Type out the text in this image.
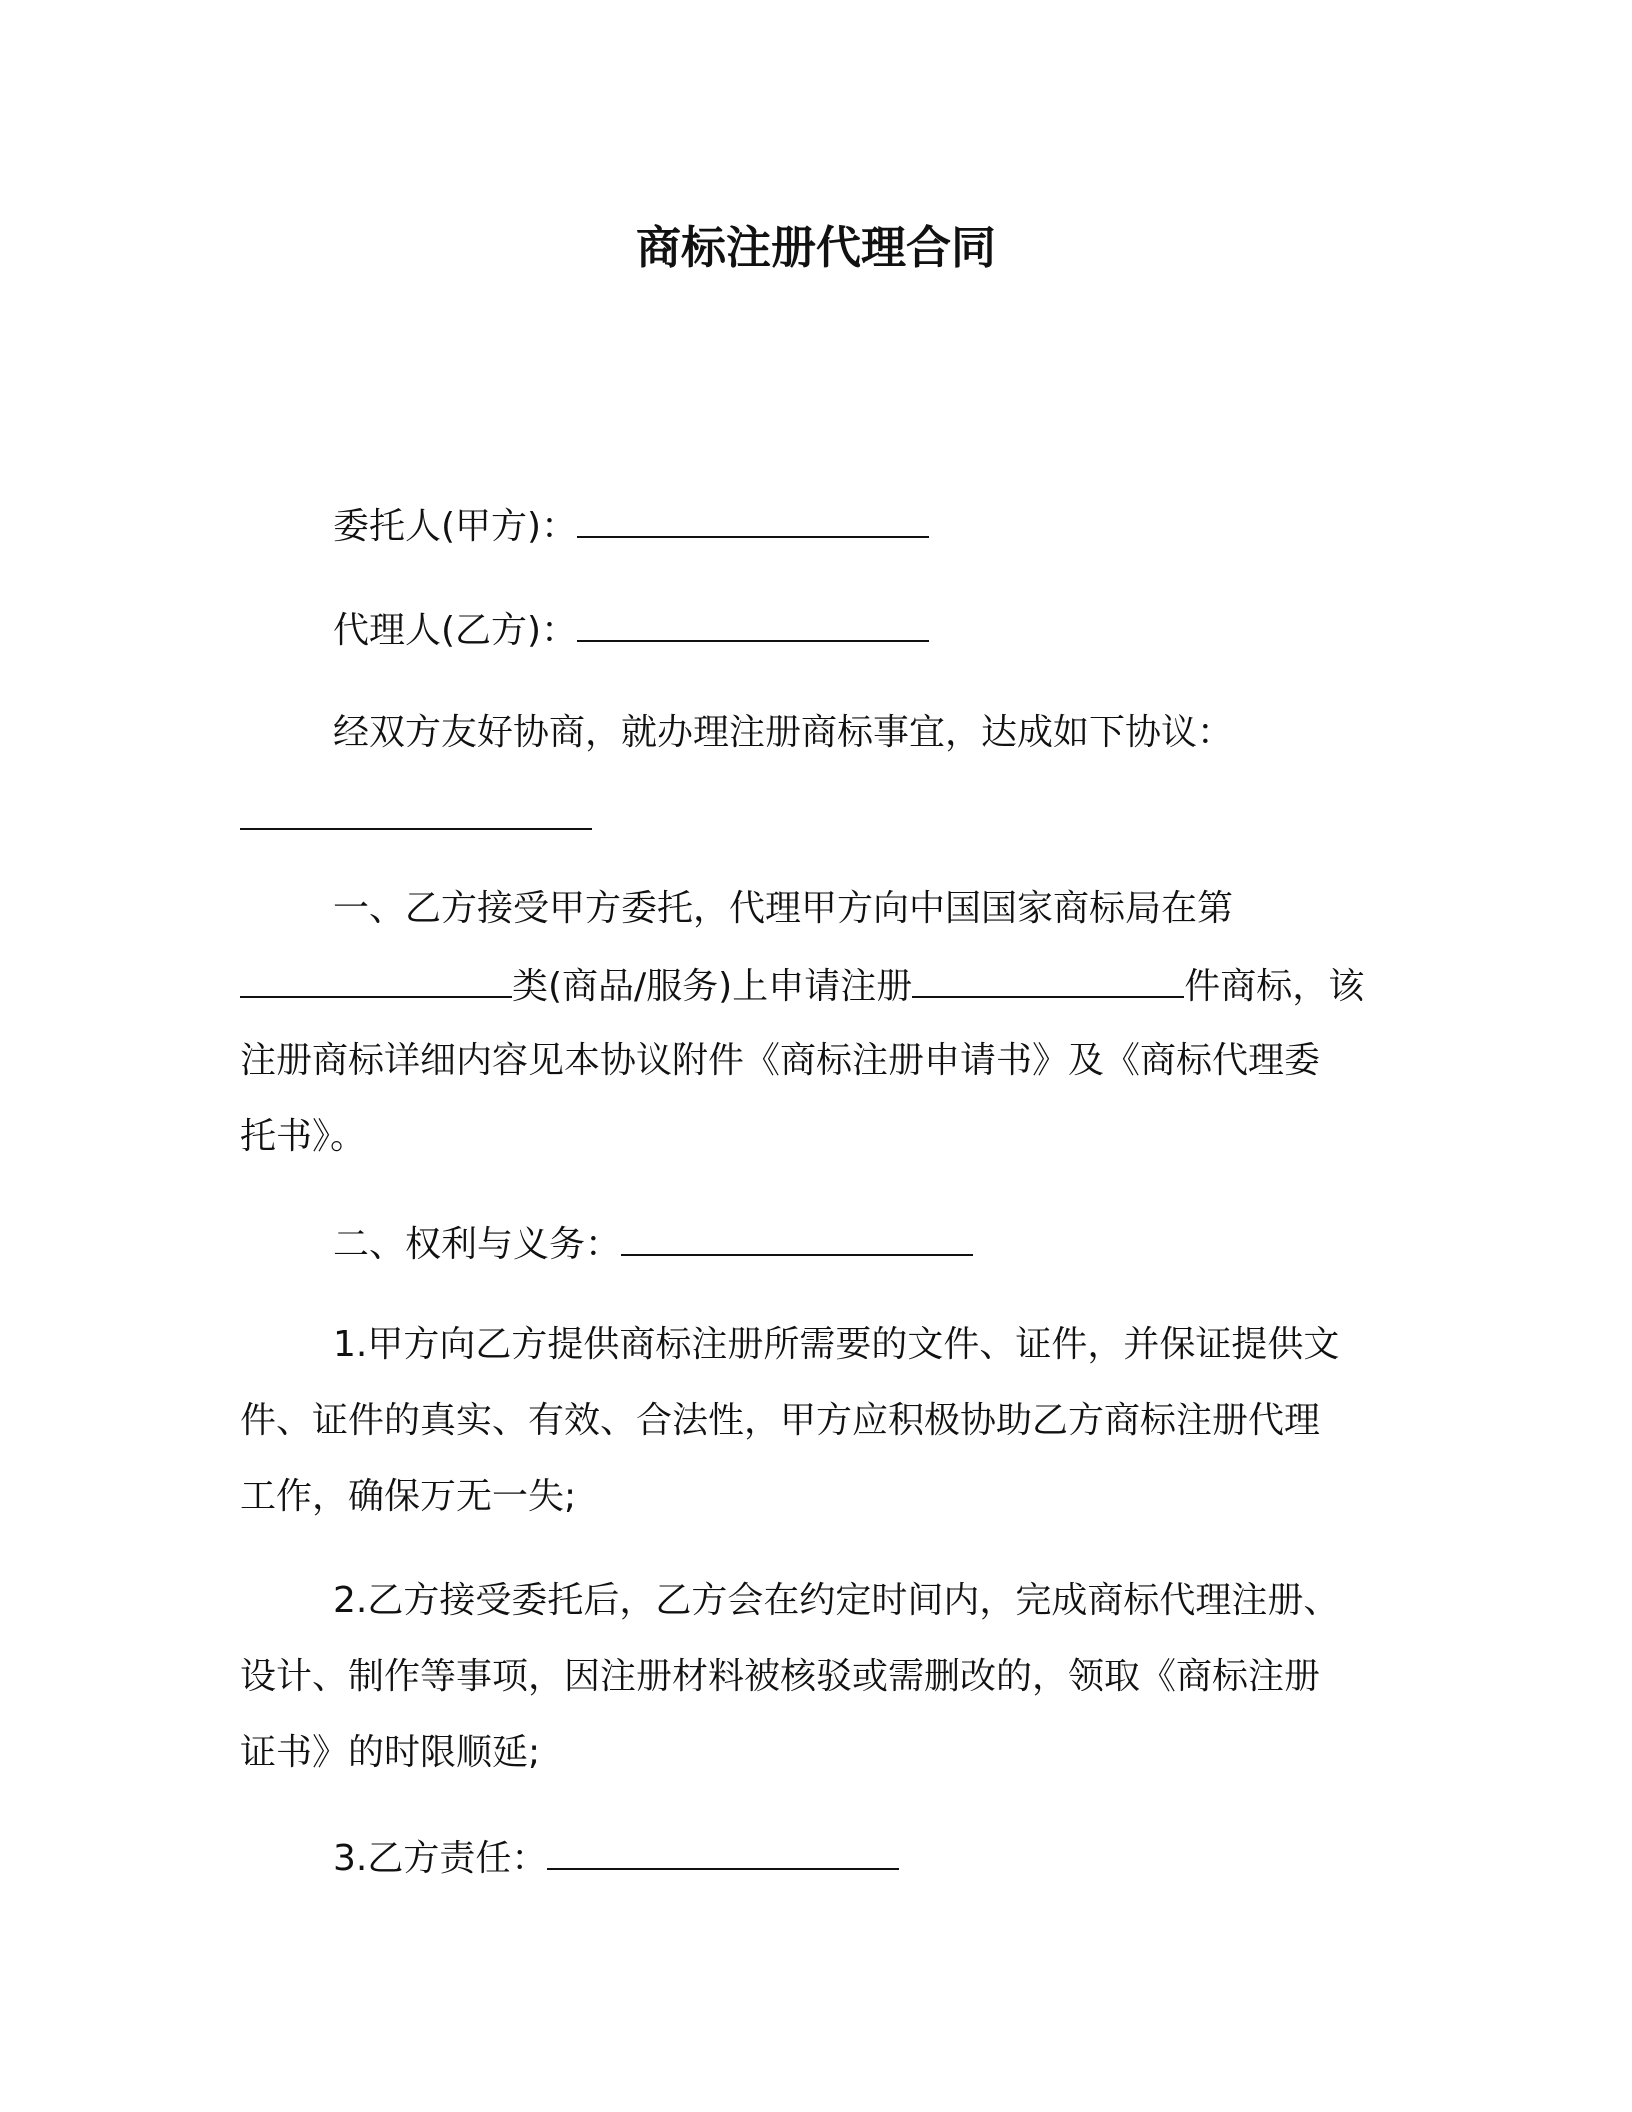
商标注册代理合同
委托人(甲方)：
代理人(乙方)：
经双方友好协商，就办理注册商标事宜，达成如下协议：
一、乙方接受甲方委托，代理甲方向中国国家商标局在第
类(商品/服务)上申请注册	件商标，该
注册商标详细内容见本协议附件《商标注册申请书》及《商标代理委
托书》。
二、权利与义务：
1.甲方向乙方提供商标注册所需要的文件、证件，并保证提供文
件、证件的真实、有效、合法性，甲方应积极协助乙方商标注册代理
工作，确保万无一失;
2.乙方接受委托后，乙方会在约定时间内，完成商标代理注册、
设计、制作等事项，因注册材料被核驳或需删改的，领取《商标注册
证书》的时限顺延;
3.乙方责任：
